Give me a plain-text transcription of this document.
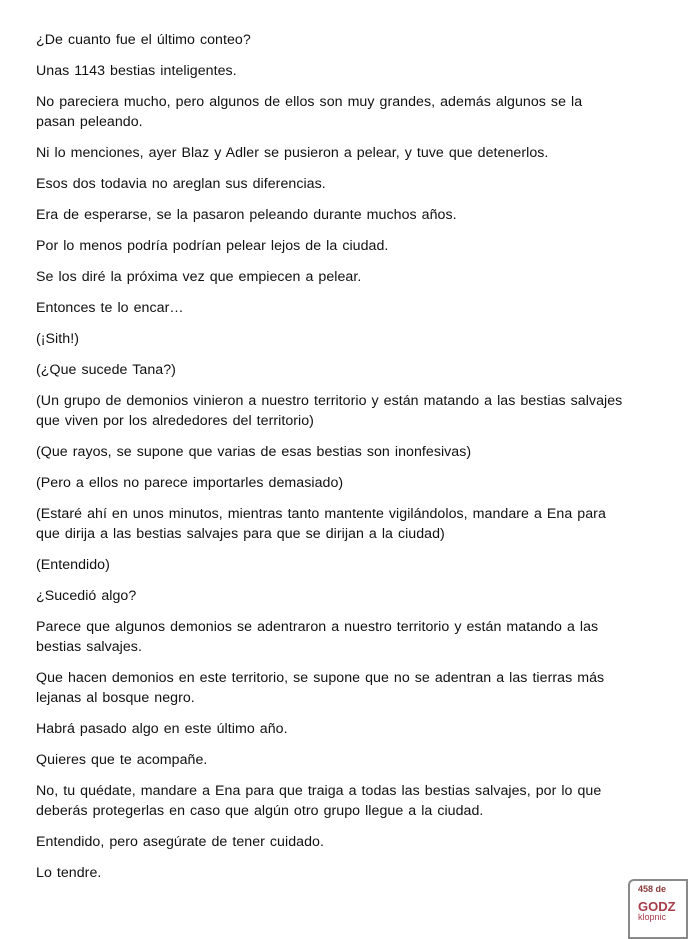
¿De cuanto fue el último conteo?

Unas 1143 bestias inteligentes.

No pareciera mucho, pero algunos de ellos son muy grandes, además algunos se la pasan peleando.

Ni lo menciones, ayer Blaz y Adler se pusieron a pelear, y tuve que detenerlos.

Esos dos todavia no areglan sus diferencias.

Era de esperarse, se la pasaron peleando durante muchos años.

Por lo menos podría podrían pelear lejos de la ciudad.

Se los diré la próxima vez que empiecen a pelear.

Entonces te lo encar…

(¡Sith!)

(¿Que sucede Tana?)

(Un grupo de demonios vinieron a nuestro territorio y están matando a las bestias salvajes que viven por los alrededores del territorio)

(Que rayos, se supone que varias de esas bestias son inonfesivas)

(Pero a ellos no parece importarles demasiado)

(Estaré ahí en unos minutos, mientras tanto mantente vigilándolos, mandare a Ena para que dirija a las bestias salvajes para que se dirijan a la ciudad)

(Entendido)

¿Sucedió algo?

Parece que algunos demonios se adentraron a nuestro territorio y están matando a las bestias salvajes.

Que hacen demonios en este territorio, se supone que no se adentran a las tierras más lejanas al bosque negro.

Habrá pasado algo en este último año.

Quieres que te acompañe.

No, tu quédate, mandare a Ena para que traiga a todas las bestias salvajes, por lo que deberás protegerlas en caso que algún otro grupo llegue a la ciudad.

Entendido, pero asegúrate de tener cuidado.

Lo tendre.

458 de
GODZ
klopnic
